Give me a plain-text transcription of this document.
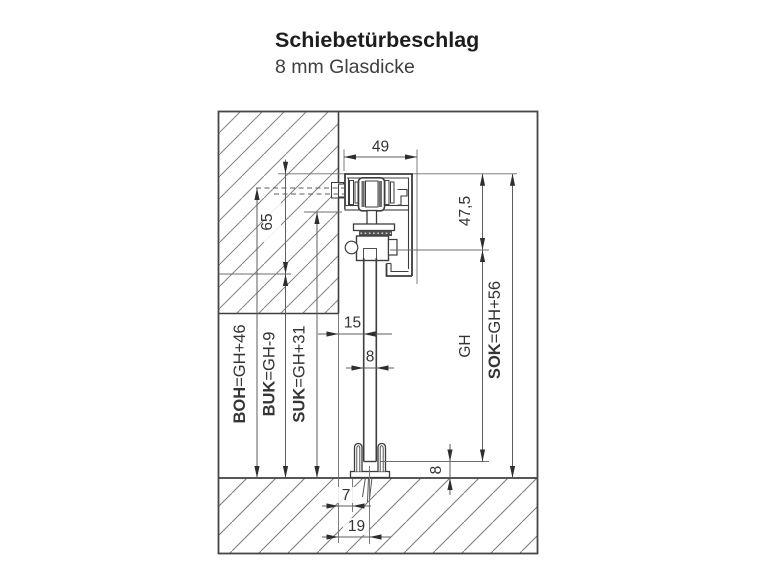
Schiebetürbeschlag
8 mm Glasdicke
49
65	47,5
GH SOK=GH+56
BOH=GH+46
BUK=GH-9
SUK=GH+31
15
8
8
7
19
